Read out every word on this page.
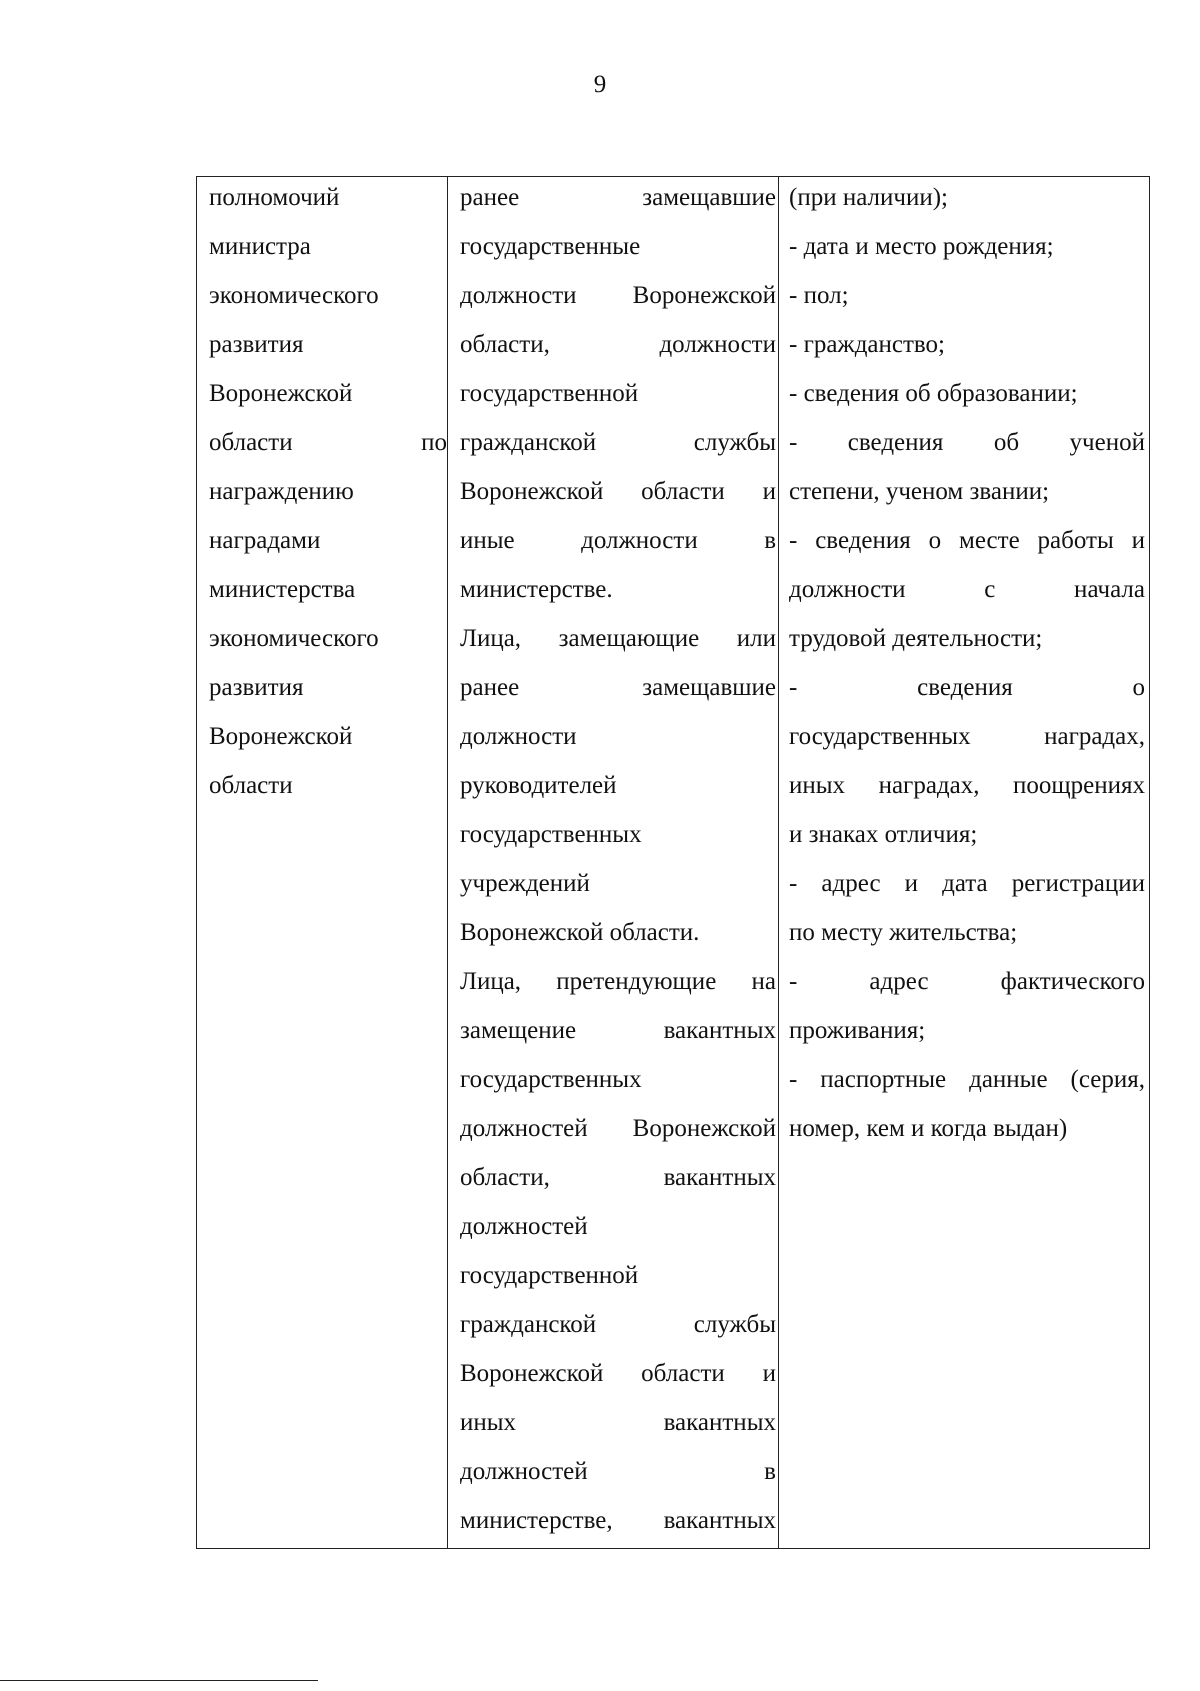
9
полномочий
министра
экономического
развития
Воронежской
области по
награждению
наградами
министерства
экономического
развития
Воронежской
области

ранее замещавшие
государственные
должности Воронежской
области, должности
государственной
гражданской службы
Воронежской области и
иные должности в
министерстве.
Лица, замещающие или
ранее замещавшие
должности
руководителей
государственных
учреждений
Воронежской области.
Лица, претендующие на
замещение вакантных
государственных
должностей Воронежской
области, вакантных
должностей
государственной
гражданской службы
Воронежской области и
иных вакантных
должностей в
министерстве, вакантных

(при наличии);
- дата и место рождения;
- пол;
- гражданство;
- сведения об образовании;
- сведения об ученой
степени, ученом звании;
- сведения о месте работы и
должности с начала
трудовой деятельности;
- сведения о
государственных наградах,
иных наградах, поощрениях
и знаках отличия;
- адрес и дата регистрации
по месту жительства;
- адрес фактического
проживания;
- паспортные данные (серия,
номер, кем и когда выдан)
